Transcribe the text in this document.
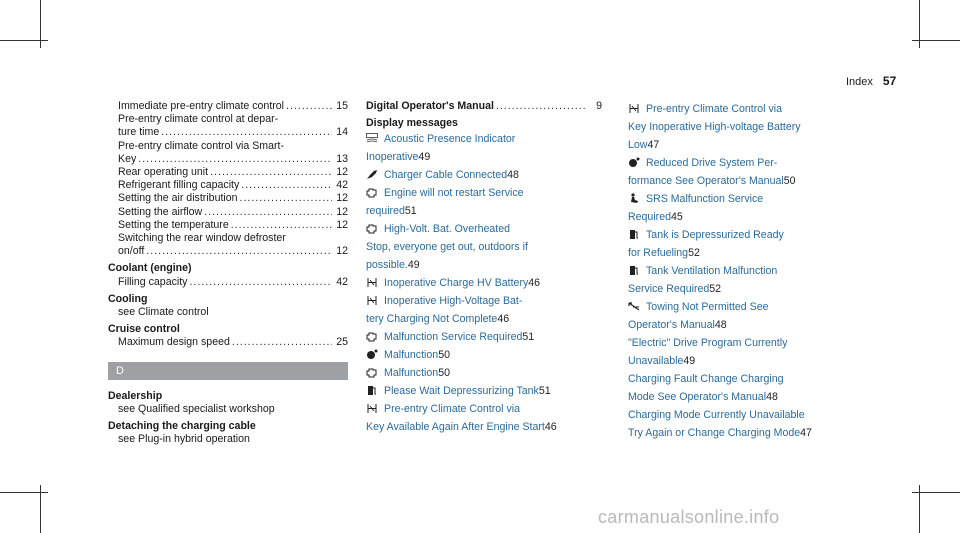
Index 57
Immediate pre-entry climate control .....	15
Pre-entry climate control at depar-
ture time .....	14
Pre-entry climate control via Smart-
Key .....	13
Rear operating unit .....	12
Refrigerant filling capacity .....	42
Setting the air distribution .....	12
Setting the airflow .....	12
Setting the temperature .....	12
Switching the rear window defroster
on/off .....	12
Coolant (engine)
Filling capacity .....	42
Cooling
see Climate control
Cruise control
Maximum design speed .....	25
D
Dealership
see Qualified specialist workshop
Detaching the charging cable
see Plug-in hybrid operation
Digital Operator's Manual .....	9
Display messages
Acoustic Presence Indicator
Inoperative 49
Charger Cable Connected 48
Engine will not restart Service
required 51
High-Volt. Bat. Overheated
Stop, everyone get out, outdoors if
possible. 49
Inoperative Charge HV Battery 46
Inoperative High-Voltage Bat-
tery Charging Not Complete 46
Malfunction Service Required 51
Malfunction 50
Malfunction 50
Please Wait Depressurizing Tank 51
Pre-entry Climate Control via
Key Available Again After Engine Start 46
Pre-entry Climate Control via
Key Inoperative High-voltage Battery
Low 47
Reduced Drive System Per-
formance See Operator's Manual 50
SRS Malfunction Service
Required 45
Tank is Depressurized Ready
for Refueling 52
Tank Ventilation Malfunction
Service Required 52
Towing Not Permitted See
Operator's Manual 48
"Electric" Drive Program Currently
Unavailable 49
Charging Fault Change Charging
Mode See Operator's Manual 48
Charging Mode Currently Unavailable
Try Again or Change Charging Mode 47
carmanualsonline.info
